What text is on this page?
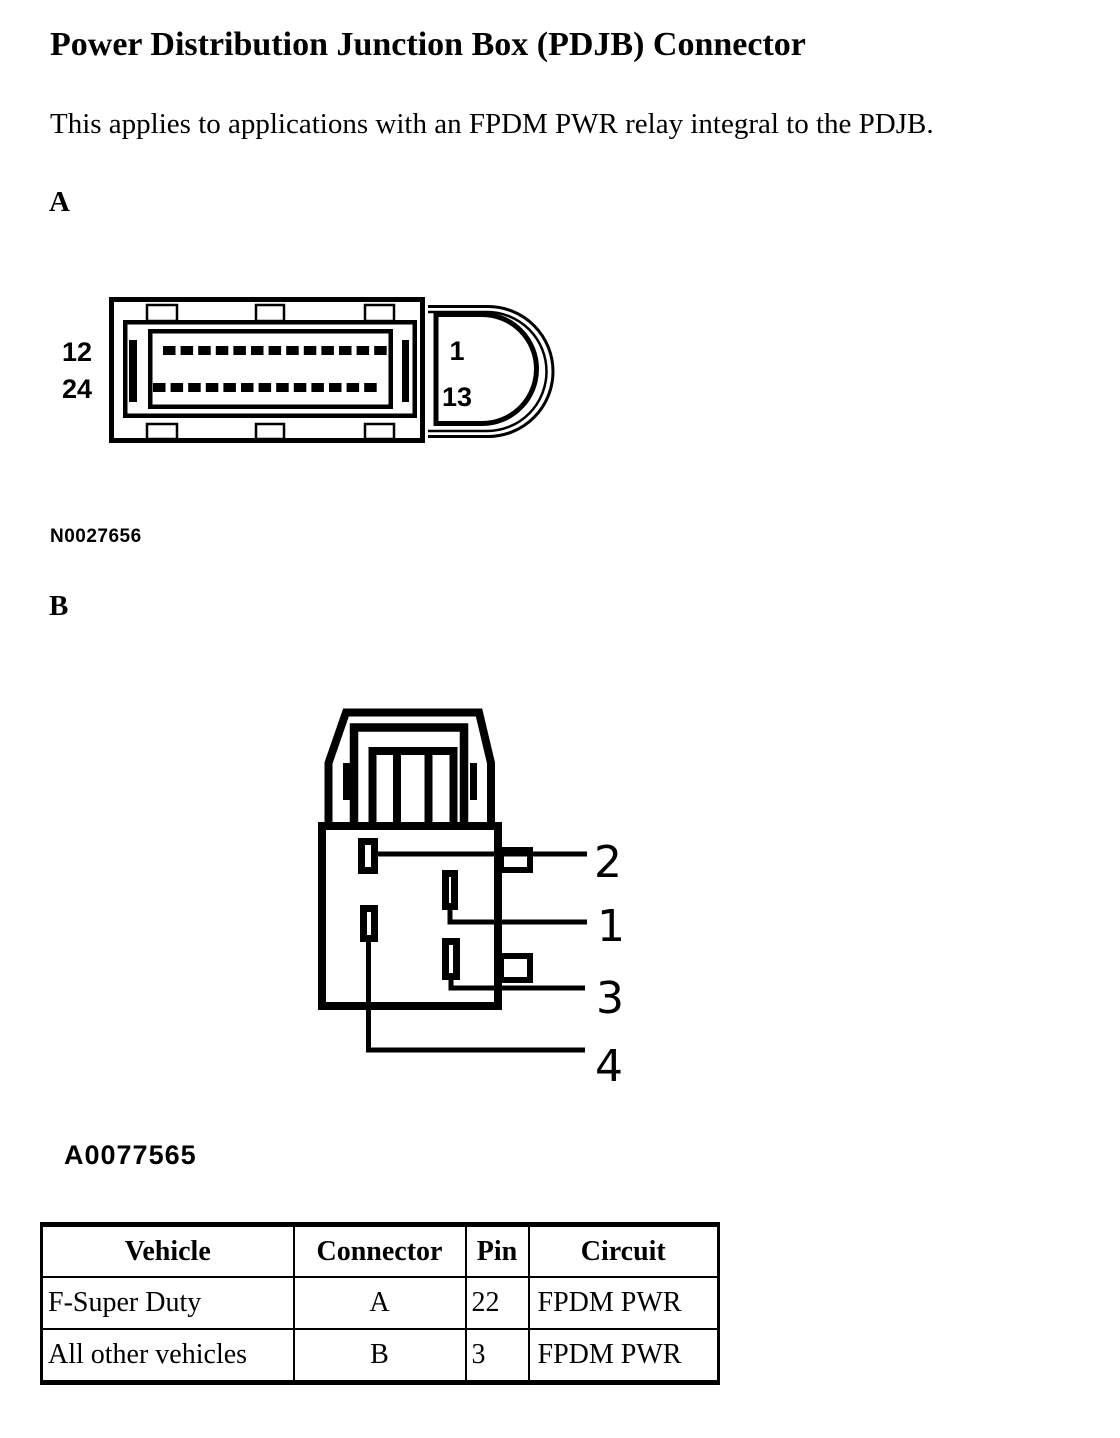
Power Distribution Junction Box (PDJB) Connector
This applies to applications with an FPDM PWR relay integral to the PDJB.
A
1
13
12
24
N0027656
B
2
1
3
4
A0077565
Vehicle	Connector	Pin	Circuit
F-Super Duty	A	22	FPDM PWR
All other vehicles	B	3	FPDM PWR
